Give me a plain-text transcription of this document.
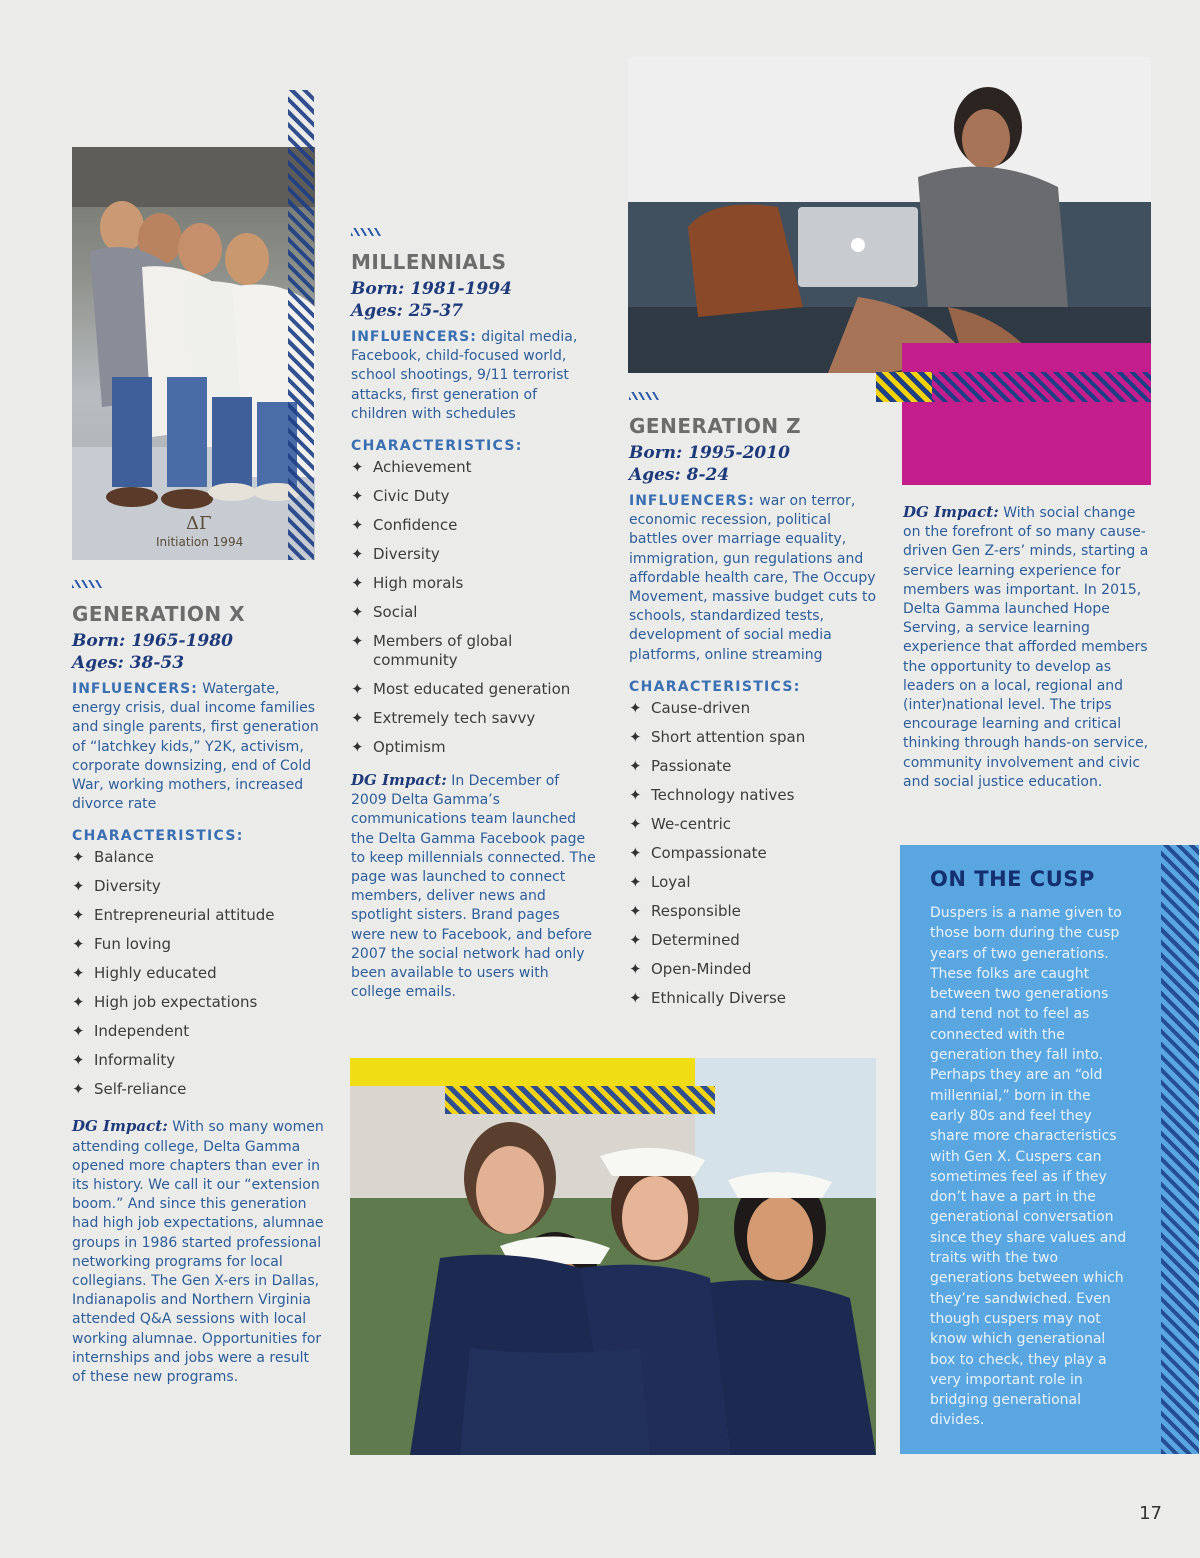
ΔΓ
Initiation 1994
GENERATION X
Born: 1965-1980
Ages: 38-53
INFLUENCERS: Watergate, energy crisis, dual income families and single parents, first generation of “latchkey kids,” Y2K, activism, corporate downsizing, end of Cold War, working mothers, increased divorce rate
CHARACTERISTICS:
✦ Balance
✦ Diversity
✦ Entrepreneurial attitude
✦ Fun loving
✦ Highly educated
✦ High job expectations
✦ Independent
✦ Informality
✦ Self-reliance
DG Impact: With so many women attending college, Delta Gamma opened more chapters than ever in its history. We call it our “extension boom.” And since this generation had high job expectations, alumnae groups in 1986 started professional networking programs for local collegians. The Gen X-ers in Dallas, Indianapolis and Northern Virginia attended Q&A sessions with local working alumnae. Opportunities for internships and jobs were a result of these new programs.
MILLENNIALS
Born: 1981-1994
Ages: 25-37
INFLUENCERS: digital media, Facebook, child-focused world, school shootings, 9/11 terrorist attacks, first generation of children with schedules
CHARACTERISTICS:
✦ Achievement
✦ Civic Duty
✦ Confidence
✦ Diversity
✦ High morals
✦ Social
✦ Members of global community
✦ Most educated generation
✦ Extremely tech savvy
✦ Optimism
DG Impact: In December of 2009 Delta Gamma’s communications team launched the Delta Gamma Facebook page to keep millennials connected. The page was launched to connect members, deliver news and spotlight sisters. Brand pages were new to Facebook, and before 2007 the social network had only been available to users with college emails.
GENERATION Z
Born: 1995-2010
Ages: 8-24
INFLUENCERS: war on terror, economic recession, political battles over marriage equality, immigration, gun regulations and affordable health care, The Occupy Movement, massive budget cuts to schools, standardized tests, development of social media platforms, online streaming
CHARACTERISTICS:
✦ Cause-driven
✦ Short attention span
✦ Passionate
✦ Technology natives
✦ We-centric
✦ Compassionate
✦ Loyal
✦ Responsible
✦ Determined
✦ Open-Minded
✦ Ethnically Diverse
DG Impact: With social change on the forefront of so many cause-driven Gen Z-ers’ minds, starting a service learning experience for members was important. In 2015, Delta Gamma launched Hope Serving, a service learning experience that afforded members the opportunity to develop as leaders on a local, regional and (inter)national level. The trips encourage learning and critical thinking through hands-on service, community involvement and civic and social justice education.
ON THE CUSP
Duspers is a name given to those born during the cusp years of two generations. These folks are caught between two generations and tend not to feel as connected with the generation they fall into. Perhaps they are an “old millennial,” born in the early 80s and feel they share more characteristics with Gen X. Cuspers can sometimes feel as if they don’t have a part in the generational conversation since they share values and traits with the two generations between which they’re sandwiched. Even though cuspers may not know which generational box to check, they play a very important role in bridging generational divides.
17
